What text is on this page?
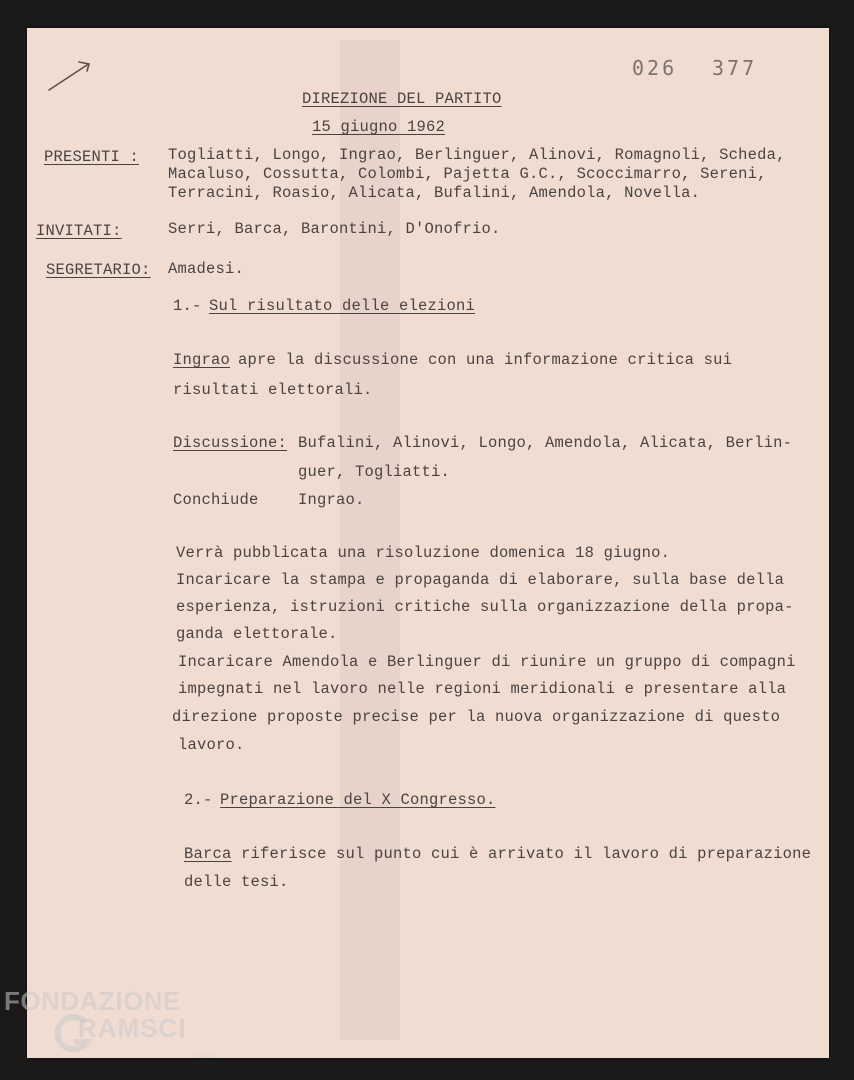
026 377
DIREZIONE DEL PARTITO
15 giugno 1962
PRESENTI : Togliatti, Longo, Ingrao, Berlinguer, Alinovi, Romagnoli, Scheda,
Macaluso, Cossutta, Colombi, Pajetta G.C., Scoccimarro, Sereni,
Terracini, Roasio, Alicata, Bufalini, Amendola, Novella.
INVITATI:	Serri, Barca, Barontini, D'Onofrio.
SEGRETARIO: Amadesi.
1.- Sul risultato delle elezioni
Ingrao apre la discussione con una informazione critica sui
risultati elettorali.
Discussione: Bufalini, Alinovi, Longo, Amendola, Alicata, Berlin-
guer, Togliatti.
Conchiude	Ingrao.
Verrà pubblicata una risoluzione domenica 18 giugno.
Incaricare la stampa e propaganda di elaborare, sulla base della
esperienza, istruzioni critiche sulla organizzazione della propa-
ganda elettorale.
Incaricare Amendola e Berlinguer di riunire un gruppo di compagni
impegnati nel lavoro nelle regioni meridionali e presentare alla
direzione proposte precise per la nuova organizzazione di questo
lavoro.
2.- Preparazione del X Congresso.
Barca riferisce sul punto cui è arrivato il lavoro di preparazione
delle tesi.
FONDAZIONE
RAMSCI
onlus
